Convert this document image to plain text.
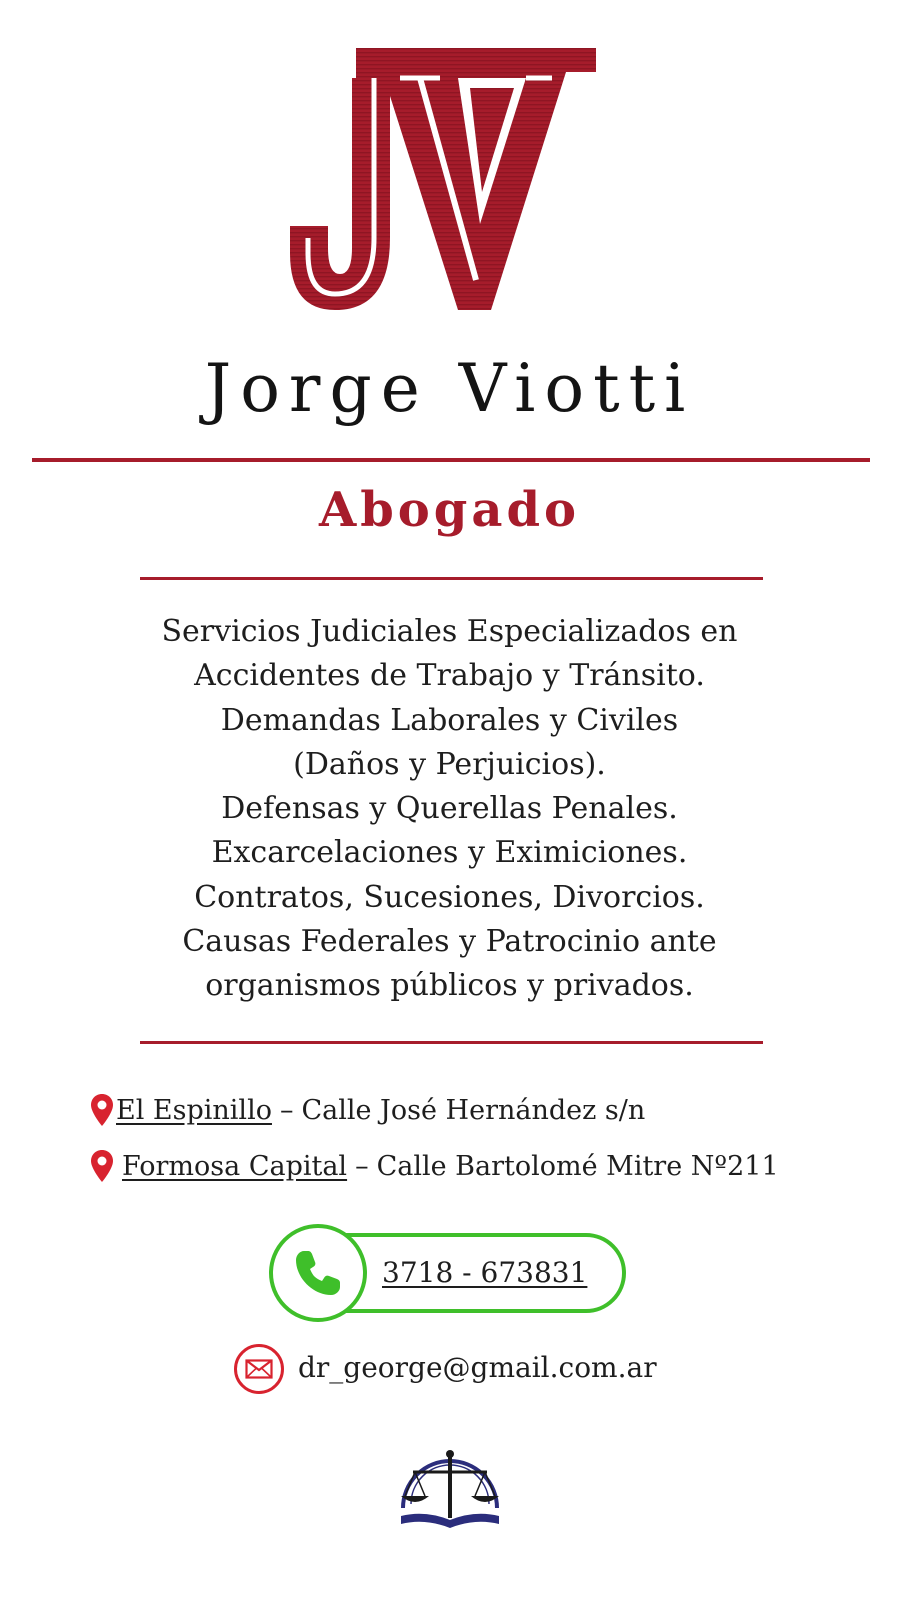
Jorge Viotti
Abogado
Servicios Judiciales Especializados en
Accidentes de Trabajo y Tránsito.
Demandas Laborales y Civiles
(Daños y Perjuicios).
Defensas y Querellas Penales.
Excarcelaciones y Eximiciones.
Contratos, Sucesiones, Divorcios.
Causas Federales y Patrocinio ante
organismos públicos y privados.
El Espinillo – Calle José Hernández s/n
Formosa Capital – Calle Bartolomé Mitre Nº211
3718 - 673831
dr_george@gmail.com.ar
